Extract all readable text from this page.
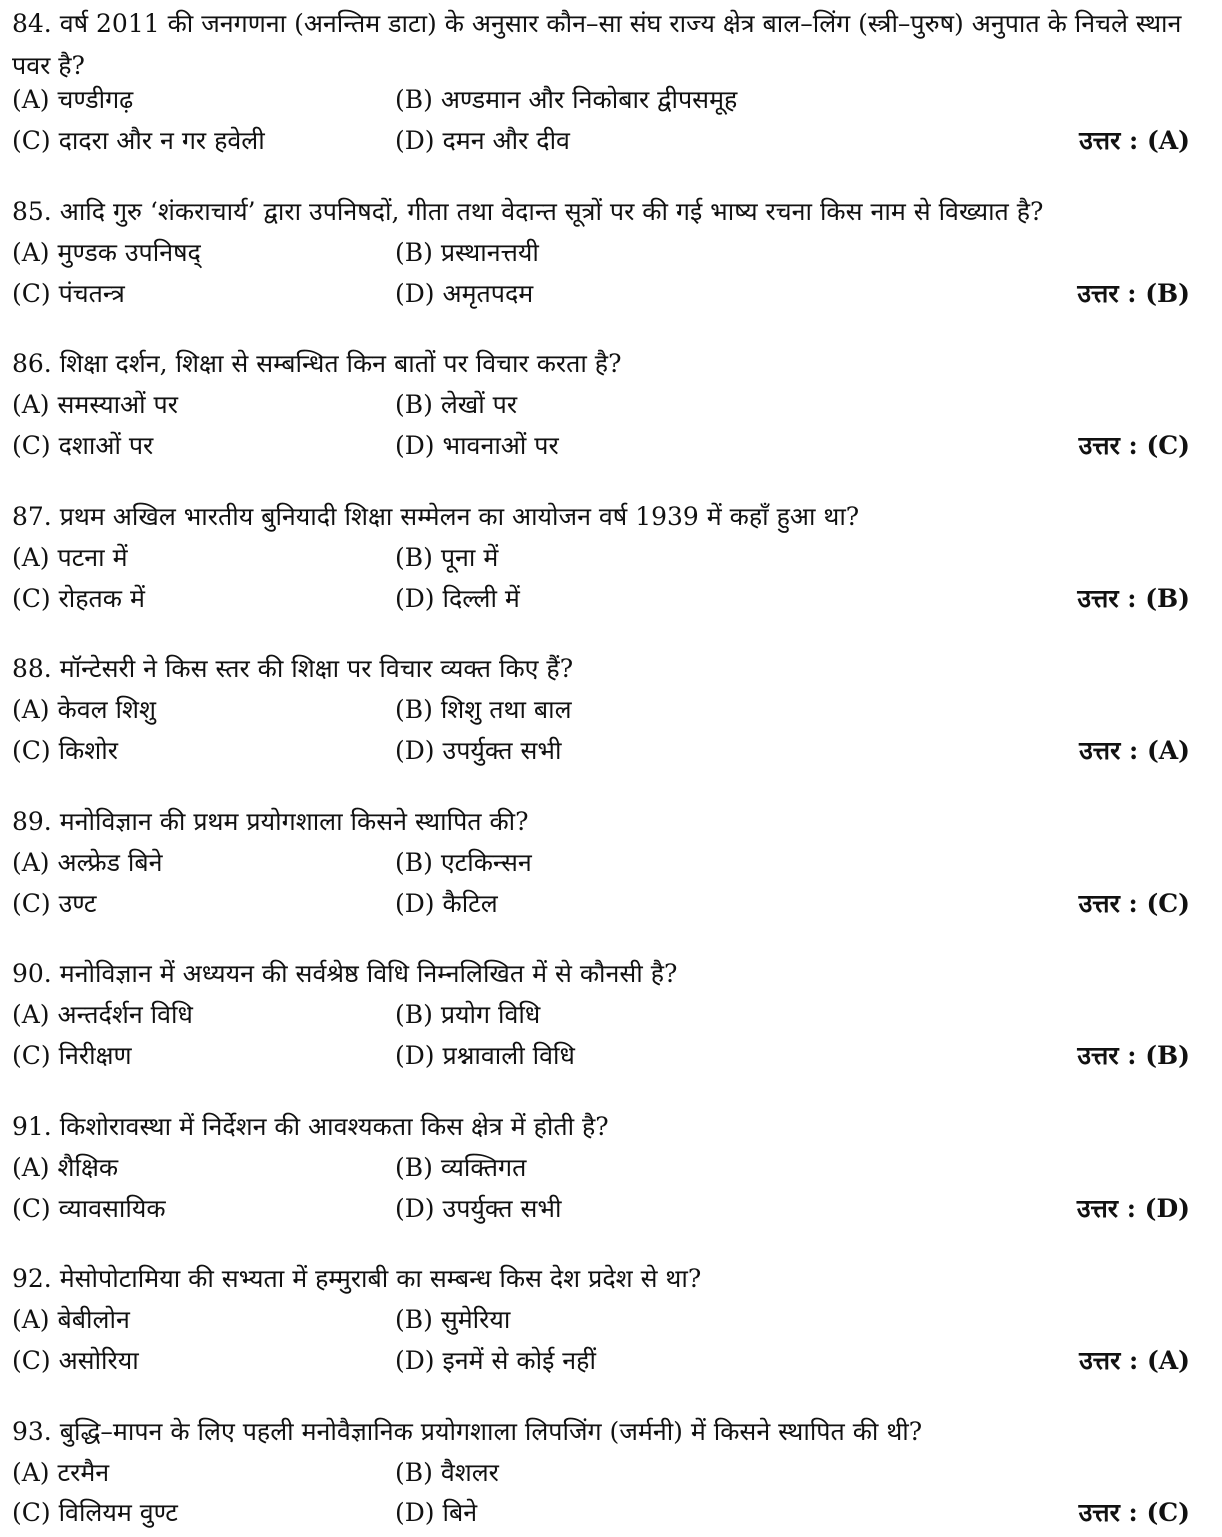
84. वर्ष 2011 की जनगणना (अनन्तिम डाटा) के अनुसार कौन–सा संघ राज्य क्षेत्र बाल–लिंग (स्त्री–पुरुष) अनुपात के निचले स्थान पवर है?
(A) चण्डीगढ़	(B) अण्डमान और निकोबार द्वीपसमूह
(C) दादरा और न गर हवेली	(D) दमन और दीव	उत्तर : (A)
85. आदि गुरु ‘शंकराचार्य’ द्वारा उपनिषदों, गीता तथा वेदान्त सूत्रों पर की गई भाष्य रचना किस नाम से विख्यात है?
(A) मुण्डक उपनिषद्	(B) प्रस्थानत्तयी
(C) पंचतन्त्र	(D) अमृतपदम	उत्तर : (B)
86. शिक्षा दर्शन, शिक्षा से सम्बन्धित किन बातों पर विचार करता है?
(A) समस्याओं पर	(B) लेखों पर
(C) दशाओं पर	(D) भावनाओं पर	उत्तर : (C)
87. प्रथम अखिल भारतीय बुनियादी शिक्षा सम्मेलन का आयोजन वर्ष 1939 में कहाँ हुआ था?
(A) पटना में	(B) पूना में
(C) रोहतक में	(D) दिल्ली में	उत्तर : (B)
88. मॉन्टेसरी ने किस स्तर की शिक्षा पर विचार व्यक्त किए हैं?
(A) केवल शिशु	(B) शिशु तथा बाल
(C) किशोर	(D) उपर्युक्त सभी	उत्तर : (A)
89. मनोविज्ञान की प्रथम प्रयोगशाला किसने स्थापित की?
(A) अल्फ्रेड बिने	(B) एटकिन्सन
(C) उण्ट	(D) कैटिल	उत्तर : (C)
90. मनोविज्ञान में अध्ययन की सर्वश्रेष्ठ विधि निम्नलिखित में से कौनसी है?
(A) अन्तर्दर्शन विधि	(B) प्रयोग विधि
(C) निरीक्षण	(D) प्रश्नावाली विधि	उत्तर : (B)
91. किशोरावस्था में निर्देशन की आवश्यकता किस क्षेत्र में होती है?
(A) शैक्षिक	(B) व्यक्तिगत
(C) व्यावसायिक	(D) उपर्युक्त सभी	उत्तर : (D)
92. मेसोपोटामिया की सभ्यता में हम्मुराबी का सम्बन्ध किस देश प्रदेश से था?
(A) बेबीलोन	(B) सुमेरिया
(C) असोरिया	(D) इनमें से कोई नहीं	उत्तर : (A)
93. बुद्धि–मापन के लिए पहली मनोवैज्ञानिक प्रयोगशाला लिपजिंग (जर्मनी) में किसने स्थापित की थी?
(A) टरमैन	(B) वैशलर
(C) विलियम वुण्ट	(D) बिने	उत्तर : (C)
